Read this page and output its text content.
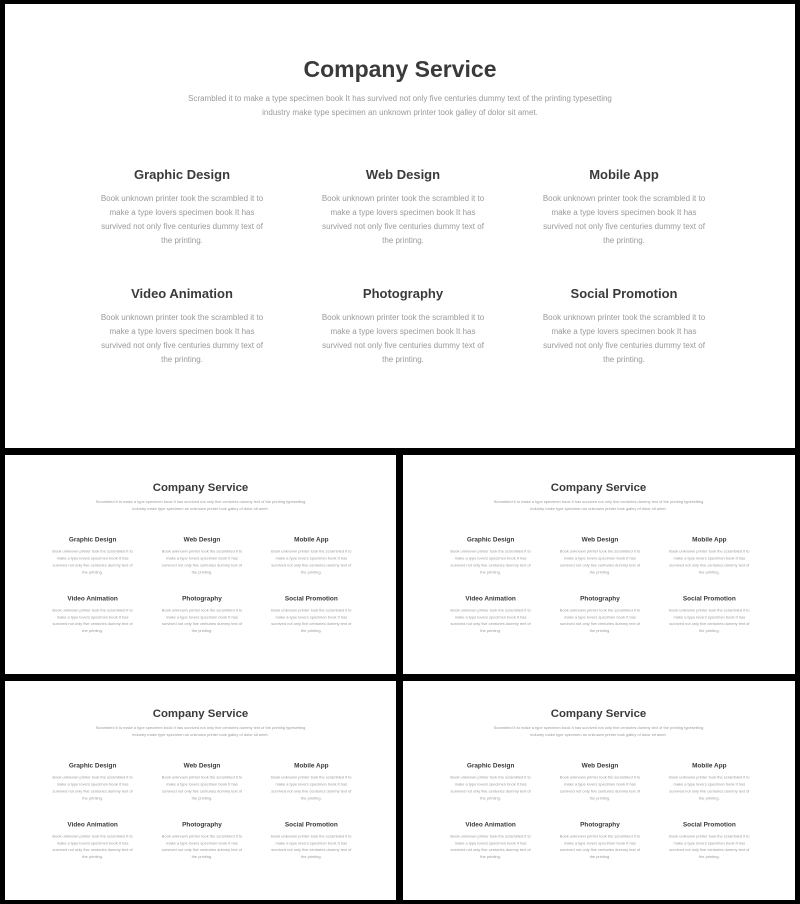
Company Service

Scrambled it to make a type specimen book It has survived not only five centuries dummy text of the printing typesetting industry make type specimen an unknown printer took galley of dolor sit amet.

Graphic Design

Book unknown printer took the scrambled it to make a type lovers specimen book It has survived not only five centuries dummy text of the printing.

Web Design

Book unknown printer took the scrambled it to make a type lovers specimen book It has survived not only five centuries dummy text of the printing.

Mobile App

Book unknown printer took the scrambled it to make a type lovers specimen book It has survived not only five centuries dummy text of the printing.

Video Animation

Book unknown printer took the scrambled it to make a type lovers specimen book It has survived not only five centuries dummy text of the printing.

Photography

Book unknown printer took the scrambled it to make a type lovers specimen book It has survived not only five centuries dummy text of the printing.

Social Promotion

Book unknown printer took the scrambled it to make a type lovers specimen book It has survived not only five centuries dummy text of the printing.

Company Service

Scrambled it to make a type specimen book It has survived not only five centuries dummy text of the printing typesetting industry make type specimen an unknown printer took galley of dolor sit amet.

Graphic Design

Book unknown printer took the scrambled it to make a type lovers specimen book It has survived not only five centuries dummy text of the printing.

Web Design

Book unknown printer took the scrambled it to make a type lovers specimen book It has survived not only five centuries dummy text of the printing.

Mobile App

Book unknown printer took the scrambled it to make a type lovers specimen book It has survived not only five centuries dummy text of the printing.

Video Animation

Book unknown printer took the scrambled it to make a type lovers specimen book It has survived not only five centuries dummy text of the printing.

Photography

Book unknown printer took the scrambled it to make a type lovers specimen book It has survived not only five centuries dummy text of the printing.

Social Promotion

Book unknown printer took the scrambled it to make a type lovers specimen book It has survived not only five centuries dummy text of the printing.

Company Service

Scrambled it to make a type specimen book It has survived not only five centuries dummy text of the printing typesetting industry make type specimen an unknown printer took galley of dolor sit amet.

Graphic Design

Book unknown printer took the scrambled it to make a type lovers specimen book It has survived not only five centuries dummy text of the printing.

Web Design

Book unknown printer took the scrambled it to make a type lovers specimen book It has survived not only five centuries dummy text of the printing.

Mobile App

Book unknown printer took the scrambled it to make a type lovers specimen book It has survived not only five centuries dummy text of the printing.

Video Animation

Book unknown printer took the scrambled it to make a type lovers specimen book It has survived not only five centuries dummy text of the printing.

Photography

Book unknown printer took the scrambled it to make a type lovers specimen book It has survived not only five centuries dummy text of the printing.

Social Promotion

Book unknown printer took the scrambled it to make a type lovers specimen book It has survived not only five centuries dummy text of the printing.

Company Service

Scrambled it to make a type specimen book It has survived not only five centuries dummy text of the printing typesetting industry make type specimen an unknown printer took galley of dolor sit amet.

Graphic Design

Book unknown printer took the scrambled it to make a type lovers specimen book It has survived not only five centuries dummy text of the printing.

Web Design

Book unknown printer took the scrambled it to make a type lovers specimen book It has survived not only five centuries dummy text of the printing.

Mobile App

Book unknown printer took the scrambled it to make a type lovers specimen book It has survived not only five centuries dummy text of the printing.

Video Animation

Book unknown printer took the scrambled it to make a type lovers specimen book It has survived not only five centuries dummy text of the printing.

Photography

Book unknown printer took the scrambled it to make a type lovers specimen book It has survived not only five centuries dummy text of the printing.

Social Promotion

Book unknown printer took the scrambled it to make a type lovers specimen book It has survived not only five centuries dummy text of the printing.

Company Service

Scrambled it to make a type specimen book It has survived not only five centuries dummy text of the printing typesetting industry make type specimen an unknown printer took galley of dolor sit amet.

Graphic Design

Book unknown printer took the scrambled it to make a type lovers specimen book It has survived not only five centuries dummy text of the printing.

Web Design

Book unknown printer took the scrambled it to make a type lovers specimen book It has survived not only five centuries dummy text of the printing.

Mobile App

Book unknown printer took the scrambled it to make a type lovers specimen book It has survived not only five centuries dummy text of the printing.

Video Animation

Book unknown printer took the scrambled it to make a type lovers specimen book It has survived not only five centuries dummy text of the printing.

Photography

Book unknown printer took the scrambled it to make a type lovers specimen book It has survived not only five centuries dummy text of the printing.

Social Promotion

Book unknown printer took the scrambled it to make a type lovers specimen book It has survived not only five centuries dummy text of the printing.
